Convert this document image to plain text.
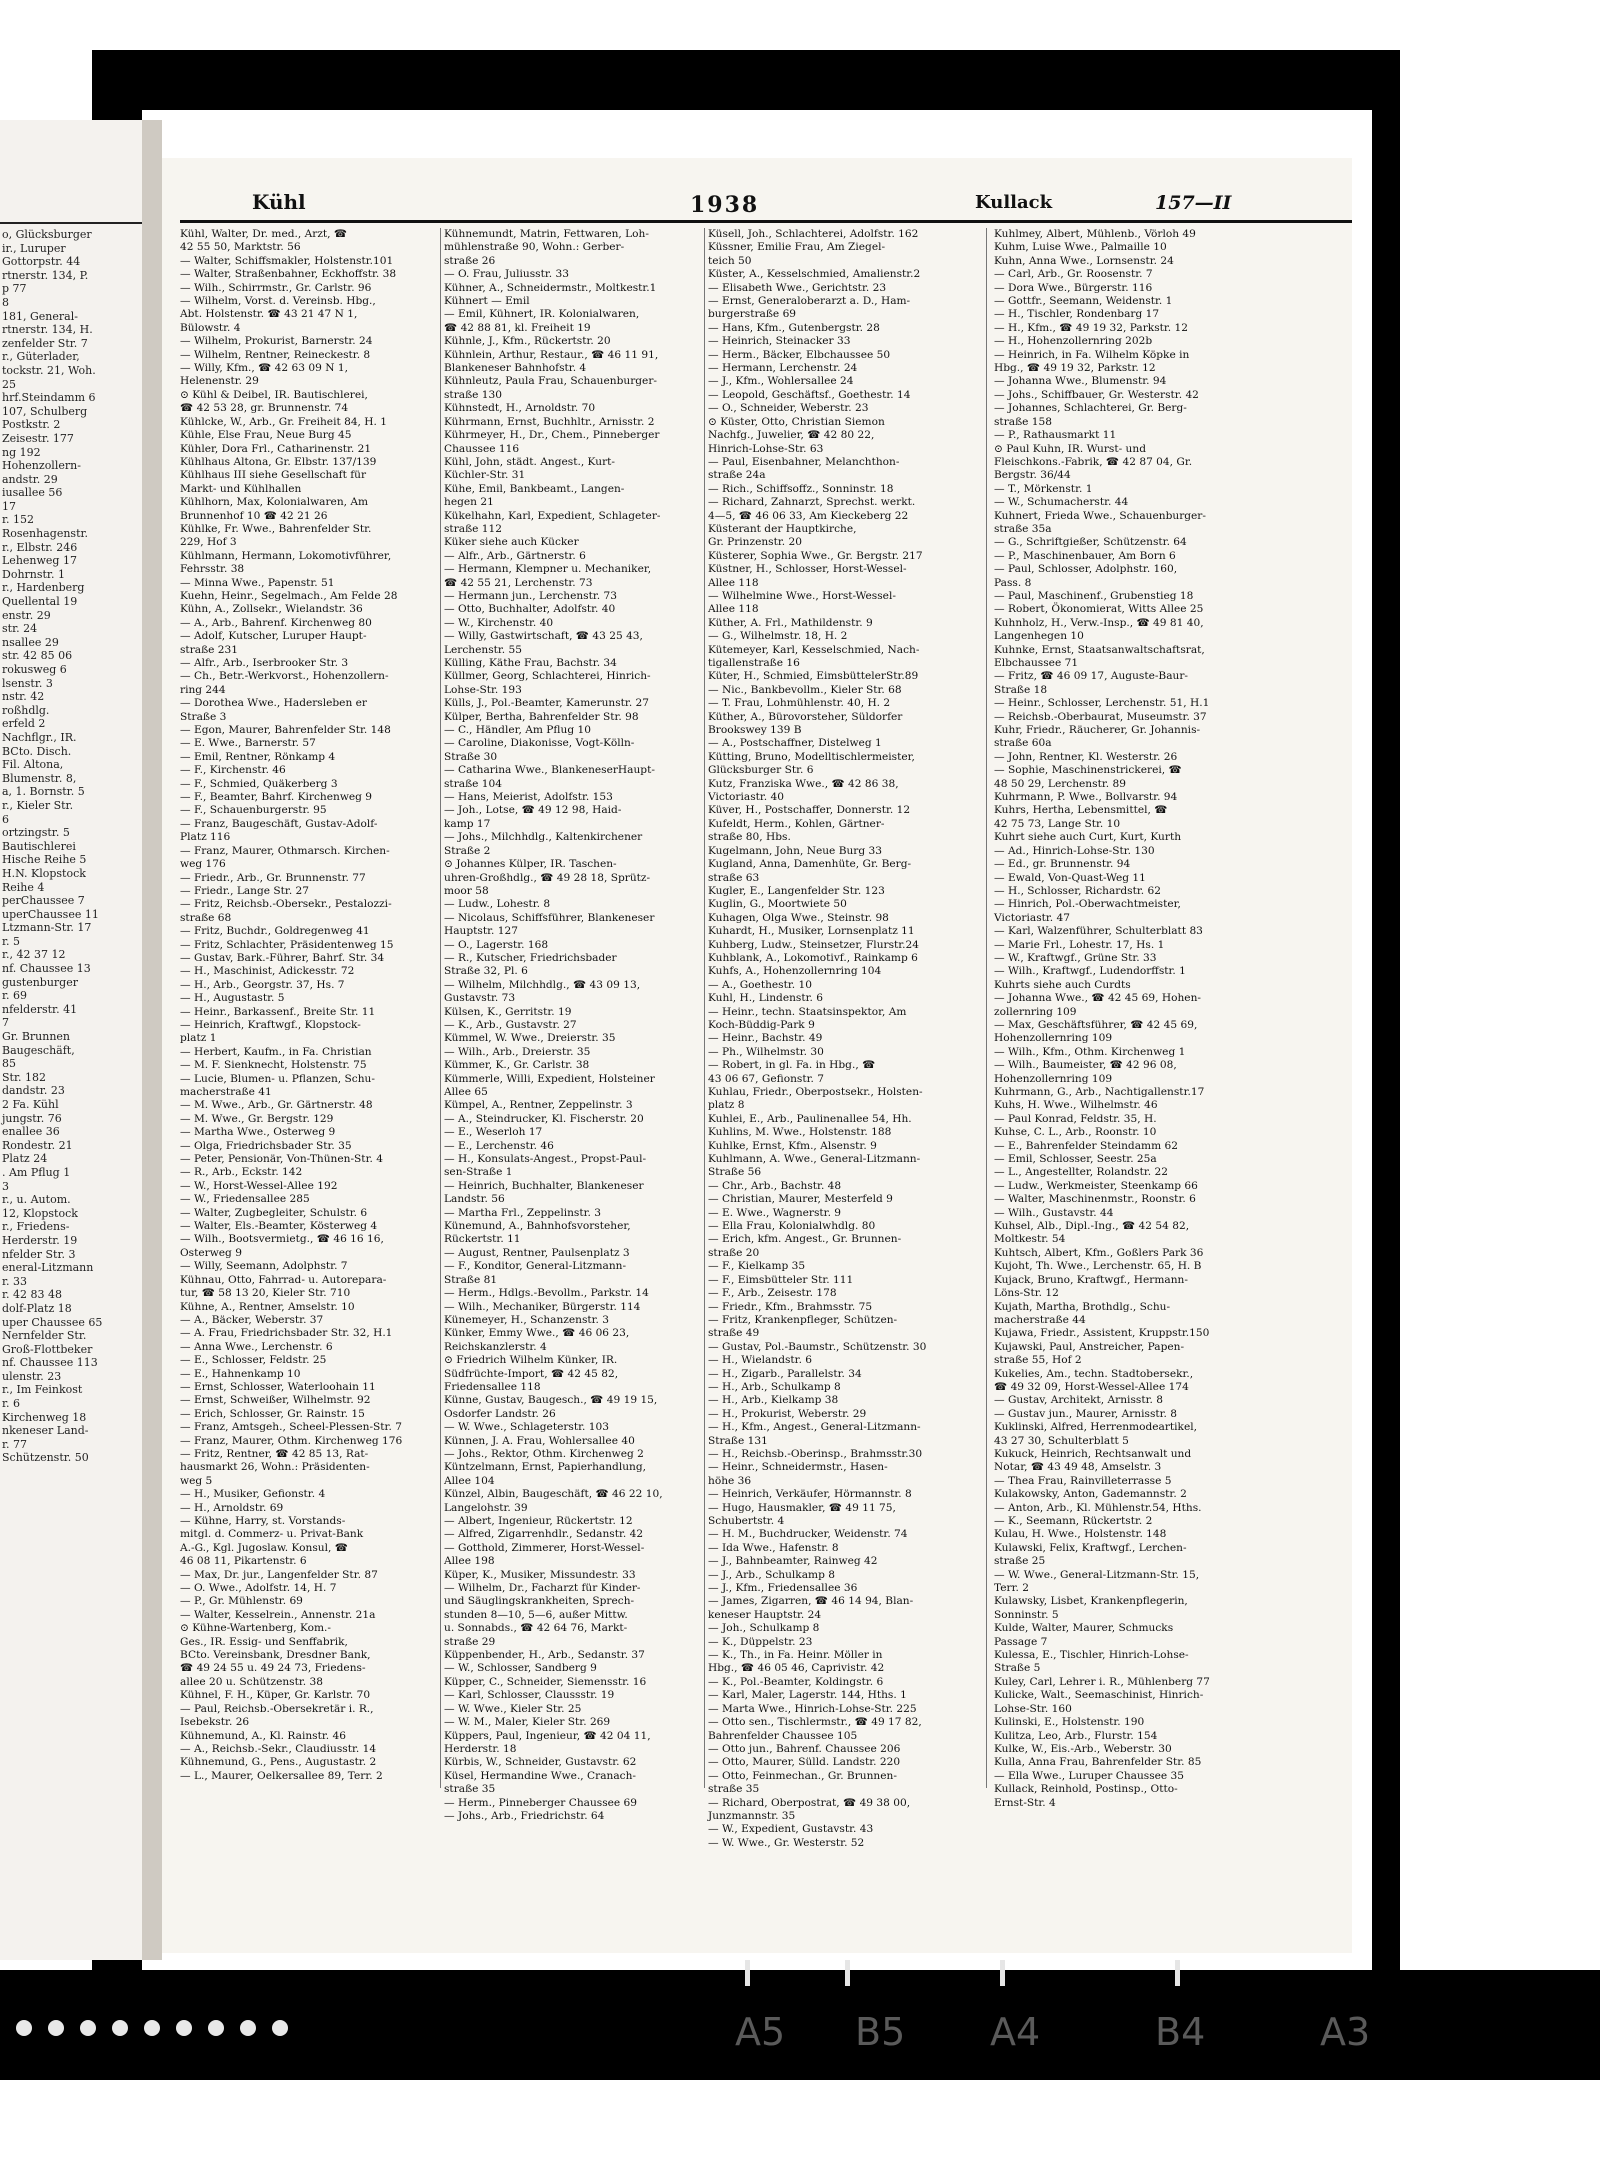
o, Glücksburger
ir., Luruper
Gottorpstr. 44
rtnerstr. 134, P.
p 77
8
181, General-
rtnerstr. 134, H.
zenfelder Str. 7
r., Güterlader,
tockstr. 21, Woh.
25
hrf.Steindamm 6
107, Schulberg
Postkstr. 2
Zeisestr. 177
ng 192
Hohenzollern-
andstr. 29
iusallee 56
17
r. 152
Rosenhagenstr.
r., Elbstr. 246
Lehenweg 17
Dohrnstr. 1
r., Hardenberg
Quellental 19
enstr. 29
str. 24
nsallee 29
str. 42 85 06
rokusweg 6
lsenstr. 3
nstr. 42
roßhdlg.
erfeld 2
Nachflgr., IR.
BCto. Disch.
Fil. Altona,
Blumenstr. 8,
a, 1. Bornstr. 5
r., Kieler Str.
6
ortzingstr. 5
Bautischlerei
Hische Reihe 5
H.N. Klopstock
Reihe 4
perChaussee 7
uperChaussee 11
Ltzmann-Str. 17
r. 5
r., 42 37 12
nf. Chaussee 13
gustenburger
r. 69
nfelderstr. 41
7
Gr. Brunnen
Baugeschäft,
85
Str. 182
dandstr. 23
2 Fa. Kühl
jungstr. 76
enallee 36
Rondestr. 21
Platz 24
. Am Pflug 1
3
r., u. Autom.
12, Klopstock
r., Friedens-
Herderstr. 19
nfelder Str. 3
eneral-Litzmann
r. 33
r. 42 83 48
dolf-Platz 18
uper Chaussee 65
Nernfelder Str.
Groß-Flottbeker
nf. Chaussee 113
ulenstr. 23
r., Im Feinkost
r. 6
Kirchenweg 18
nkeneser Land-
r. 77
Schützenstr. 50
Kühl	1938	Kullack	157—II
Kühl, Walter, Dr. med., Arzt, ☎
42 55 50, Marktstr. 56
— Walter, Schiffsmakler, Holstenstr.101
— Walter, Straßenbahner, Eckhoffstr. 38
— Wilh., Schirrmstr., Gr. Carlstr. 96
— Wilhelm, Vorst. d. Vereinsb. Hbg.,
Abt. Holstenstr. ☎ 43 21 47 N 1,
Bülowstr. 4
— Wilhelm, Prokurist, Barnerstr. 24
— Wilhelm, Rentner, Reineckestr. 8
— Willy, Kfm., ☎ 42 63 09 N 1,
Helenenstr. 29
⊙ Kühl & Deibel, IR. Bautischlerei,
☎ 42 53 28, gr. Brunnenstr. 74
Kühlcke, W., Arb., Gr. Freiheit 84, H. 1
Kühle, Else Frau, Neue Burg 45
Kühler, Dora Frl., Catharinenstr. 21
Kühlhaus Altona, Gr. Elbstr. 137/139
Kühlhaus III siehe Gesellschaft für
Markt- und Kühlhallen
Kühlhorn, Max, Kolonialwaren, Am
Brunnenhof 10 ☎ 42 21 26
Kühlke, Fr. Wwe., Bahrenfelder Str.
229, Hof 3
Kühlmann, Hermann, Lokomotivführer,
Fehrsstr. 38
— Minna Wwe., Papenstr. 51
Kuehn, Heinr., Segelmach., Am Felde 28
Kühn, A., Zollsekr., Wielandstr. 36
— A., Arb., Bahrenf. Kirchenweg 80
— Adolf, Kutscher, Luruper Haupt-
straße 231
— Alfr., Arb., Iserbrooker Str. 3
— Ch., Betr.-Werkvorst., Hohenzollern-
ring 244
— Dorothea Wwe., Hadersleben er
Straße 3
— Egon, Maurer, Bahrenfelder Str. 148
— E. Wwe., Barnerstr. 57
— Emil, Rentner, Rönkamp 4
— F., Kirchenstr. 46
— F., Schmied, Quäkerberg 3
— F., Beamter, Bahrf. Kirchenweg 9
— F., Schauenburgerstr. 95
— Franz, Baugeschäft, Gustav-Adolf-
Platz 116
— Franz, Maurer, Othmarsch. Kirchen-
weg 176
— Friedr., Arb., Gr. Brunnenstr. 77
— Friedr., Lange Str. 27
— Fritz, Reichsb.-Obersekr., Pestalozzi-
straße 68
— Fritz, Buchdr., Goldregenweg 41
— Fritz, Schlachter, Präsidentenweg 15
— Gustav, Bark.-Führer, Bahrf. Str. 34
— H., Maschinist, Adickesstr. 72
— H., Arb., Georgstr. 37, Hs. 7
— H., Augustastr. 5
— Heinr., Barkassenf., Breite Str. 11
— Heinrich, Kraftwgf., Klopstock-
platz 1
— Herbert, Kaufm., in Fa. Christian
— M. F. Sienknecht, Holstenstr. 75
— Lucie, Blumen- u. Pflanzen, Schu-
macherstraße 41
— M. Wwe., Arb., Gr. Gärtnerstr. 48
— M. Wwe., Gr. Bergstr. 129
— Martha Wwe., Osterweg 9
— Olga, Friedrichsbader Str. 35
— Peter, Pensionär, Von-Thünen-Str. 4
— R., Arb., Eckstr. 142
— W., Horst-Wessel-Allee 192
— W., Friedensallee 285
— Walter, Zugbegleiter, Schulstr. 6
— Walter, Els.-Beamter, Kösterweg 4
— Wilh., Bootsvermietg., ☎ 46 16 16,
Osterweg 9
— Willy, Seemann, Adolphstr. 7
Kühnau, Otto, Fahrrad- u. Autorepara-
tur, ☎ 58 13 20, Kieler Str. 710
Kühne, A., Rentner, Amselstr. 10
— A., Bäcker, Weberstr. 37
— A. Frau, Friedrichsbader Str. 32, H.1
— Anna Wwe., Lerchenstr. 6
— E., Schlosser, Feldstr. 25
— E., Hahnenkamp 10
— Ernst, Schlosser, Waterloohain 11
— Ernst, Schweißer, Wilhelmstr. 92
— Erich, Schlosser, Gr. Rainstr. 15
— Franz, Amtsgeh., Scheel-Plessen-Str. 7
— Franz, Maurer, Othm. Kirchenweg 176
— Fritz, Rentner, ☎ 42 85 13, Rat-
hausmarkt 26, Wohn.: Präsidenten-
weg 5
— H., Musiker, Gefionstr. 4
— H., Arnoldstr. 69
— Kühne, Harry, st. Vorstands-
mitgl. d. Commerz- u. Privat-Bank
A.-G., Kgl. Jugoslaw. Konsul, ☎
46 08 11, Pikartenstr. 6
— Max, Dr. jur., Langenfelder Str. 87
— O. Wwe., Adolfstr. 14, H. 7
— P., Gr. Mühlenstr. 69
— Walter, Kesselrein., Annenstr. 21a
⊙ Kühne-Wartenberg, Kom.-
Ges., IR. Essig- und Senffabrik,
BCto. Vereinsbank, Dresdner Bank,
☎ 49 24 55 u. 49 24 73, Friedens-
allee 20 u. Schützenstr. 38
Kühnel, F. H., Küper, Gr. Karlstr. 70
— Paul, Reichsb.-Obersekretär i. R.,
Isebekstr. 26
Kühnemund, A., Kl. Rainstr. 46
— A., Reichsb.-Sekr., Claudiusstr. 14
Kühnemund, G., Pens., Augustastr. 2
— L., Maurer, Oelkersallee 89, Terr. 2
Kühnemundt, Matrin, Fettwaren, Loh-
mühlenstraße 90, Wohn.: Gerber-
straße 26
— O. Frau, Juliusstr. 33
Kühner, A., Schneidermstr., Moltkestr.1
Kühnert — Emil
— Emil, Kühnert, IR. Kolonialwaren,
☎ 42 88 81, kl. Freiheit 19
Kühnle, J., Kfm., Rückertstr. 20
Kühnlein, Arthur, Restaur., ☎ 46 11 91,
Blankeneser Bahnhofstr. 4
Kühnleutz, Paula Frau, Schauenburger-
straße 130
Kühnstedt, H., Arnoldstr. 70
Kührmann, Ernst, Buchhltr., Arnisstr. 2
Kührmeyer, H., Dr., Chem., Pinneberger
Chaussee 116
Kühl, John, städt. Angest., Kurt-
Küchler-Str. 31
Kühe, Emil, Bankbeamt., Langen-
hegen 21
Kükelhahn, Karl, Expedient, Schlageter-
straße 112
Küker siehe auch Kücker
— Alfr., Arb., Gärtnerstr. 6
— Hermann, Klempner u. Mechaniker,
☎ 42 55 21, Lerchenstr. 73
— Hermann jun., Lerchenstr. 73
— Otto, Buchhalter, Adolfstr. 40
— W., Kirchenstr. 40
— Willy, Gastwirtschaft, ☎ 43 25 43,
Lerchenstr. 55
Külling, Käthe Frau, Bachstr. 34
Küllmer, Georg, Schlachterei, Hinrich-
Lohse-Str. 193
Külls, J., Pol.-Beamter, Kamerunstr. 27
Külper, Bertha, Bahrenfelder Str. 98
— C., Händler, Am Pflug 10
— Caroline, Diakonisse, Vogt-Kölln-
Straße 30
— Catharina Wwe., BlankeneserHaupt-
straße 104
— Hans, Meierist, Adolfstr. 153
— Joh., Lotse, ☎ 49 12 98, Haid-
kamp 17
— Johs., Milchhdlg., Kaltenkirchener
Straße 2
⊙ Johannes Külper, IR. Taschen-
uhren-Großhdlg., ☎ 49 28 18, Sprütz-
moor 58
— Ludw., Lohestr. 8
— Nicolaus, Schiffsführer, Blankeneser
Hauptstr. 127
— O., Lagerstr. 168
— R., Kutscher, Friedrichsbader
Straße 32, Pl. 6
— Wilhelm, Milchhdlg., ☎ 43 09 13,
Gustavstr. 73
Külsen, K., Gerritstr. 19
— K., Arb., Gustavstr. 27
Kümmel, W. Wwe., Dreierstr. 35
— Wilh., Arb., Dreierstr. 35
Kümmer, K., Gr. Carlstr. 38
Kümmerle, Willi, Expedient, Holsteiner
Allee 65
Kümpel, A., Rentner, Zeppelinstr. 3
— A., Steindrucker, Kl. Fischerstr. 20
— E., Weserloh 17
— E., Lerchenstr. 46
— H., Konsulats-Angest., Propst-Paul-
sen-Straße 1
— Heinrich, Buchhalter, Blankeneser
Landstr. 56
— Martha Frl., Zeppelinstr. 3
Künemund, A., Bahnhofsvorsteher,
Rückertstr. 11
— August, Rentner, Paulsenplatz 3
— F., Konditor, General-Litzmann-
Straße 81
— Herm., Hdlgs.-Bevollm., Parkstr. 14
— Wilh., Mechaniker, Bürgerstr. 114
Künemeyer, H., Schanzenstr. 3
Künker, Emmy Wwe., ☎ 46 06 23,
Reichskanzlerstr. 4
⊙ Friedrich Wilhelm Künker, IR.
Südfrüchte-Import, ☎ 42 45 82,
Friedensallee 118
Künne, Gustav, Baugesch., ☎ 49 19 15,
Osdorfer Landstr. 26
— W. Wwe., Schlageterstr. 103
Künnen, J. A. Frau, Wohlersallee 40
— Johs., Rektor, Othm. Kirchenweg 2
Küntzelmann, Ernst, Papierhandlung,
Allee 104
Künzel, Albin, Baugeschäft, ☎ 46 22 10,
Langelohstr. 39
— Albert, Ingenieur, Rückertstr. 12
— Alfred, Zigarrenhdlr., Sedanstr. 42
— Gotthold, Zimmerer, Horst-Wessel-
Allee 198
Küper, K., Musiker, Missundestr. 33
— Wilhelm, Dr., Facharzt für Kinder-
und Säuglingskrankheiten, Sprech-
stunden 8—10, 5—6, außer Mittw.
u. Sonnabds., ☎ 42 64 76, Markt-
straße 29
Küppenbender, H., Arb., Sedanstr. 37
— W., Schlosser, Sandberg 9
Küpper, C., Schneider, Siemensstr. 16
— Karl, Schlosser, Claussstr. 19
— W. Wwe., Kieler Str. 25
— W. M., Maler, Kieler Str. 269
Küppers, Paul, Ingenieur, ☎ 42 04 11,
Herderstr. 18
Kürbis, W., Schneider, Gustavstr. 62
Küsel, Hermandine Wwe., Cranach-
straße 35
— Herm., Pinneberger Chaussee 69
— Johs., Arb., Friedrichstr. 64
Küsell, Joh., Schlachterei, Adolfstr. 162
Küssner, Emilie Frau, Am Ziegel-
teich 50
Küster, A., Kesselschmied, Amalienstr.2
— Elisabeth Wwe., Gerichtstr. 23
— Ernst, Generaloberarzt a. D., Ham-
burgerstraße 69
— Hans, Kfm., Gutenbergstr. 28
— Heinrich, Steinacker 33
— Herm., Bäcker, Elbchaussee 50
— Hermann, Lerchenstr. 24
— J., Kfm., Wohlersallee 24
— Leopold, Geschäftsf., Goethestr. 14
— O., Schneider, Weberstr. 23
⊙ Küster, Otto, Christian Siemon
Nachfg., Juwelier, ☎ 42 80 22,
Hinrich-Lohse-Str. 63
— Paul, Eisenbahner, Melanchthon-
straße 24a
— Rich., Schiffsoffz., Sonninstr. 18
— Richard, Zahnarzt, Sprechst. werkt.
4—5, ☎ 46 06 33, Am Kieckeberg 22
Küsterant der Hauptkirche,
Gr. Prinzenstr. 20
Küsterer, Sophia Wwe., Gr. Bergstr. 217
Küstner, H., Schlosser, Horst-Wessel-
Allee 118
— Wilhelmine Wwe., Horst-Wessel-
Allee 118
Küther, A. Frl., Mathildenstr. 9
— G., Wilhelmstr. 18, H. 2
Kütemeyer, Karl, Kesselschmied, Nach-
tigallenstraße 16
Küter, H., Schmied, EimsbüttelerStr.89
— Nic., Bankbevollm., Kieler Str. 68
— T. Frau, Lohmühlenstr. 40, H. 2
Küther, A., Bürovorsteher, Süldorfer
Brookswey 139 B
— A., Postschaffner, Distelweg 1
Kütting, Bruno, Modelltischlermeister,
Glücksburger Str. 6
Kutz, Franziska Wwe., ☎ 42 86 38,
Victoriastr. 40
Küver, H., Postschaffer, Donnerstr. 12
Kufeldt, Herm., Kohlen, Gärtner-
straße 80, Hbs.
Kugelmann, John, Neue Burg 33
Kugland, Anna, Damenhüte, Gr. Berg-
straße 63
Kugler, E., Langenfelder Str. 123
Kuglin, G., Moortwiete 50
Kuhagen, Olga Wwe., Steinstr. 98
Kuhardt, H., Musiker, Lornsenplatz 11
Kuhberg, Ludw., Steinsetzer, Flurstr.24
Kuhblank, A., Lokomotivf., Rainkamp 6
Kuhfs, A., Hohenzollernring 104
— A., Goethestr. 10
Kuhl, H., Lindenstr. 6
— Heinr., techn. Staatsinspektor, Am
Koch-Büddig-Park 9
— Heinr., Bachstr. 49
— Ph., Wilhelmstr. 30
— Robert, in gl. Fa. in Hbg., ☎
43 06 67, Gefionstr. 7
Kuhlau, Friedr., Oberpostsekr., Holsten-
platz 8
Kuhlei, E., Arb., Paulinenallee 54, Hh.
Kuhlins, M. Wwe., Holstenstr. 188
Kuhlke, Ernst, Kfm., Alsenstr. 9
Kuhlmann, A. Wwe., General-Litzmann-
Straße 56
— Chr., Arb., Bachstr. 48
— Christian, Maurer, Mesterfeld 9
— E. Wwe., Wagnerstr. 9
— Ella Frau, Kolonialwhdlg. 80
— Erich, kfm. Angest., Gr. Brunnen-
straße 20
— F., Kielkamp 35
— F., Eimsbütteler Str. 111
— F., Arb., Zeisestr. 178
— Friedr., Kfm., Brahmsstr. 75
— Fritz, Krankenpfleger, Schützen-
straße 49
— Gustav, Pol.-Baumstr., Schützenstr. 30
— H., Wielandstr. 6
— H., Zigarb., Parallelstr. 34
— H., Arb., Schulkamp 8
— H., Arb., Kielkamp 38
— H., Prokurist, Weberstr. 29
— H., Kfm., Angest., General-Litzmann-
Straße 131
— H., Reichsb.-Oberinsp., Brahmsstr.30
— Heinr., Schneidermstr., Hasen-
höhe 36
— Heinrich, Verkäufer, Hörmannstr. 8
— Hugo, Hausmakler, ☎ 49 11 75,
Schubertstr. 4
— H. M., Buchdrucker, Weidenstr. 74
— Ida Wwe., Hafenstr. 8
— J., Bahnbeamter, Rainweg 42
— J., Arb., Schulkamp 8
— J., Kfm., Friedensallee 36
— James, Zigarren, ☎ 46 14 94, Blan-
keneser Hauptstr. 24
— Joh., Schulkamp 8
— K., Düppelstr. 23
— K., Th., in Fa. Heinr. Möller in
Hbg., ☎ 46 05 46, Caprivistr. 42
— K., Pol.-Beamter, Koldingstr. 6
— Karl, Maler, Lagerstr. 144, Hths. 1
— Marta Wwe., Hinrich-Lohse-Str. 225
— Otto sen., Tischlermstr., ☎ 49 17 82,
Bahrenfelder Chaussee 105
— Otto jun., Bahrenf. Chaussee 206
— Otto, Maurer, Sülld. Landstr. 220
— Otto, Feinmechan., Gr. Brunnen-
straße 35
— Richard, Oberpostrat, ☎ 49 38 00,
Junzmannstr. 35
— W., Expedient, Gustavstr. 43
— W. Wwe., Gr. Westerstr. 52
Kuhlmey, Albert, Mühlenb., Vörloh 49
Kuhm, Luise Wwe., Palmaille 10
Kuhn, Anna Wwe., Lornsenstr. 24
— Carl, Arb., Gr. Roosenstr. 7
— Dora Wwe., Bürgerstr. 116
— Gottfr., Seemann, Weidenstr. 1
— H., Tischler, Rondenbarg 17
— H., Kfm., ☎ 49 19 32, Parkstr. 12
— H., Hohenzollernring 202b
— Heinrich, in Fa. Wilhelm Köpke in
Hbg., ☎ 49 19 32, Parkstr. 12
— Johanna Wwe., Blumenstr. 94
— Johs., Schiffbauer, Gr. Westerstr. 42
— Johannes, Schlachterei, Gr. Berg-
straße 158
— P., Rathausmarkt 11
⊙ Paul Kuhn, IR. Wurst- und
Fleischkons.-Fabrik, ☎ 42 87 04, Gr.
Bergstr. 36/44
— T., Mörkenstr. 1
— W., Schumacherstr. 44
Kuhnert, Frieda Wwe., Schauenburger-
straße 35a
— G., Schriftgießer, Schützenstr. 64
— P., Maschinenbauer, Am Born 6
— Paul, Schlosser, Adolphstr. 160,
Pass. 8
— Paul, Maschinenf., Grubenstieg 18
— Robert, Ökonomierat, Witts Allee 25
Kuhnholz, H., Verw.-Insp., ☎ 49 81 40,
Langenhegen 10
Kuhnke, Ernst, Staatsanwaltschaftsrat,
Elbchaussee 71
— Fritz, ☎ 46 09 17, Auguste-Baur-
Straße 18
— Heinr., Schlosser, Lerchenstr. 51, H.1
— Reichsb.-Oberbaurat, Museumstr. 37
Kuhr, Friedr., Räucherer, Gr. Johannis-
straße 60a
— John, Rentner, Kl. Westerstr. 26
— Sophie, Maschinenstrickerei, ☎
48 50 29, Lerchenstr. 89
Kuhrmann, P. Wwe., Bollvarstr. 94
Kuhrs, Hertha, Lebensmittel, ☎
42 75 73, Lange Str. 10
Kuhrt siehe auch Curt, Kurt, Kurth
— Ad., Hinrich-Lohse-Str. 130
— Ed., gr. Brunnenstr. 94
— Ewald, Von-Quast-Weg 11
— H., Schlosser, Richardstr. 62
— Hinrich, Pol.-Oberwachtmeister,
Victoriastr. 47
— Karl, Walzenführer, Schulterblatt 83
— Marie Frl., Lohestr. 17, Hs. 1
— W., Kraftwgf., Grüne Str. 33
— Wilh., Kraftwgf., Ludendorffstr. 1
Kuhrts siehe auch Curdts
— Johanna Wwe., ☎ 42 45 69, Hohen-
zollernring 109
— Max, Geschäftsführer, ☎ 42 45 69,
Hohenzollernring 109
— Wilh., Kfm., Othm. Kirchenweg 1
— Wilh., Baumeister, ☎ 42 96 08,
Hohenzollernring 109
Kuhrmann, G., Arb., Nachtigallenstr.17
Kuhs, H. Wwe., Wilhelmstr. 46
— Paul Konrad, Feldstr. 35, H.
Kuhse, C. L., Arb., Roonstr. 10
— E., Bahrenfelder Steindamm 62
— Emil, Schlosser, Seestr. 25a
— L., Angestellter, Rolandstr. 22
— Ludw., Werkmeister, Steenkamp 66
— Walter, Maschinenmstr., Roonstr. 6
— Wilh., Gustavstr. 44
Kuhsel, Alb., Dipl.-Ing., ☎ 42 54 82,
Moltkestr. 54
Kuhtsch, Albert, Kfm., Goßlers Park 36
Kujoht, Th. Wwe., Lerchenstr. 65, H. B
Kujack, Bruno, Kraftwgf., Hermann-
Löns-Str. 12
Kujath, Martha, Brothdlg., Schu-
macherstraße 44
Kujawa, Friedr., Assistent, Kruppstr.150
Kujawski, Paul, Anstreicher, Papen-
straße 55, Hof 2
Kukelies, Am., techn. Stadtobersekr.,
☎ 49 32 09, Horst-Wessel-Allee 174
— Gustav, Architekt, Arnisstr. 8
— Gustav jun., Maurer, Arnisstr. 8
Kuklinski, Alfred, Herrenmodeartikel,
43 27 30, Schulterblatt 5
Kukuck, Heinrich, Rechtsanwalt und
Notar, ☎ 43 49 48, Amselstr. 3
— Thea Frau, Rainvilleterrasse 5
Kulakowsky, Anton, Gademannstr. 2
— Anton, Arb., Kl. Mühlenstr.54, Hths.
— K., Seemann, Rückertstr. 2
Kulau, H. Wwe., Holstenstr. 148
Kulawski, Felix, Kraftwgf., Lerchen-
straße 25
— W. Wwe., General-Litzmann-Str. 15,
Terr. 2
Kulawsky, Lisbet, Krankenpflegerin,
Sonninstr. 5
Kulde, Walter, Maurer, Schmucks
Passage 7
Kulessa, E., Tischler, Hinrich-Lohse-
Straße 5
Kuley, Carl, Lehrer i. R., Mühlenberg 77
Kulicke, Walt., Seemaschinist, Hinrich-
Lohse-Str. 160
Kulinski, E., Holstenstr. 190
Kulitza, Leo, Arb., Flurstr. 154
Kulke, W., Eis.-Arb., Weberstr. 30
Kulla, Anna Frau, Bahrenfelder Str. 85
— Ella Wwe., Luruper Chaussee 35
Kullack, Reinhold, Postinsp., Otto-
Ernst-Str. 4
A5 B5 A4	B4	A3
